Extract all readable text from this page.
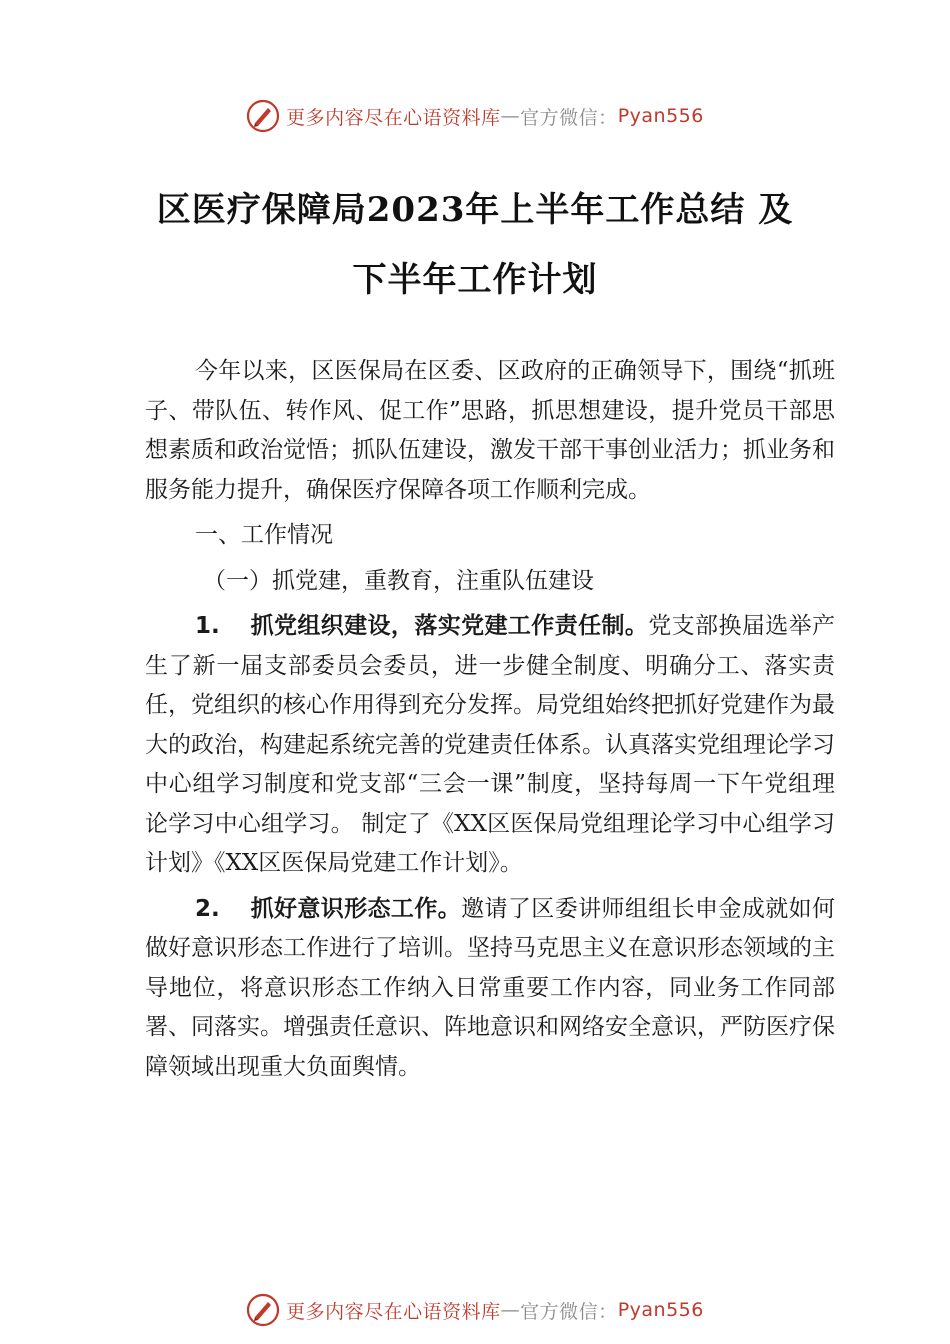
更多内容尽在心语资料库 — 官方微信： Pyan556
区医疗保障局2023年上半年工作总结 及
下半年工作计划

今年以来，区医保局在区委、区政府的正确领导下，围绕“抓班子、带队伍、转作风、促工作”思路，抓思想建设，提升党员干部思想素质和政治觉悟；抓队伍建设，激发干部干事创业活力；抓业务和服务能力提升，确保医疗保障各项工作顺利完成。

一、工作情况

（一）抓党建，重教育，注重队伍建设

1. 抓党组织建设，落实党建工作责任制。党支部换届选举产生了新一届支部委员会委员，进一步健全制度、明确分工、落实责任，党组织的核心作用得到充分发挥。局党组始终把抓好党建作为最大的政治，构建起系统完善的党建责任体系。认真落实党组理论学习中心组学习制度和党支部“三会一课”制度，坚持每周一下午党组理论学习中心组学习。 制定了《XX区医保局党组理论学习中心组学习计划》《XX区医保局党建工作计划》。

2. 抓好意识形态工作。邀请了区委讲师组组长申金成就如何做好意识形态工作进行了培训。坚持马克思主义在意识形态领域的主导地位，将意识形态工作纳入日常重要工作内容，同业务工作同部署、同落实。增强责任意识、阵地意识和网络安全意识，严防医疗保障领域出现重大负面舆情。

更多内容尽在心语资料库 — 官方微信： Pyan556
